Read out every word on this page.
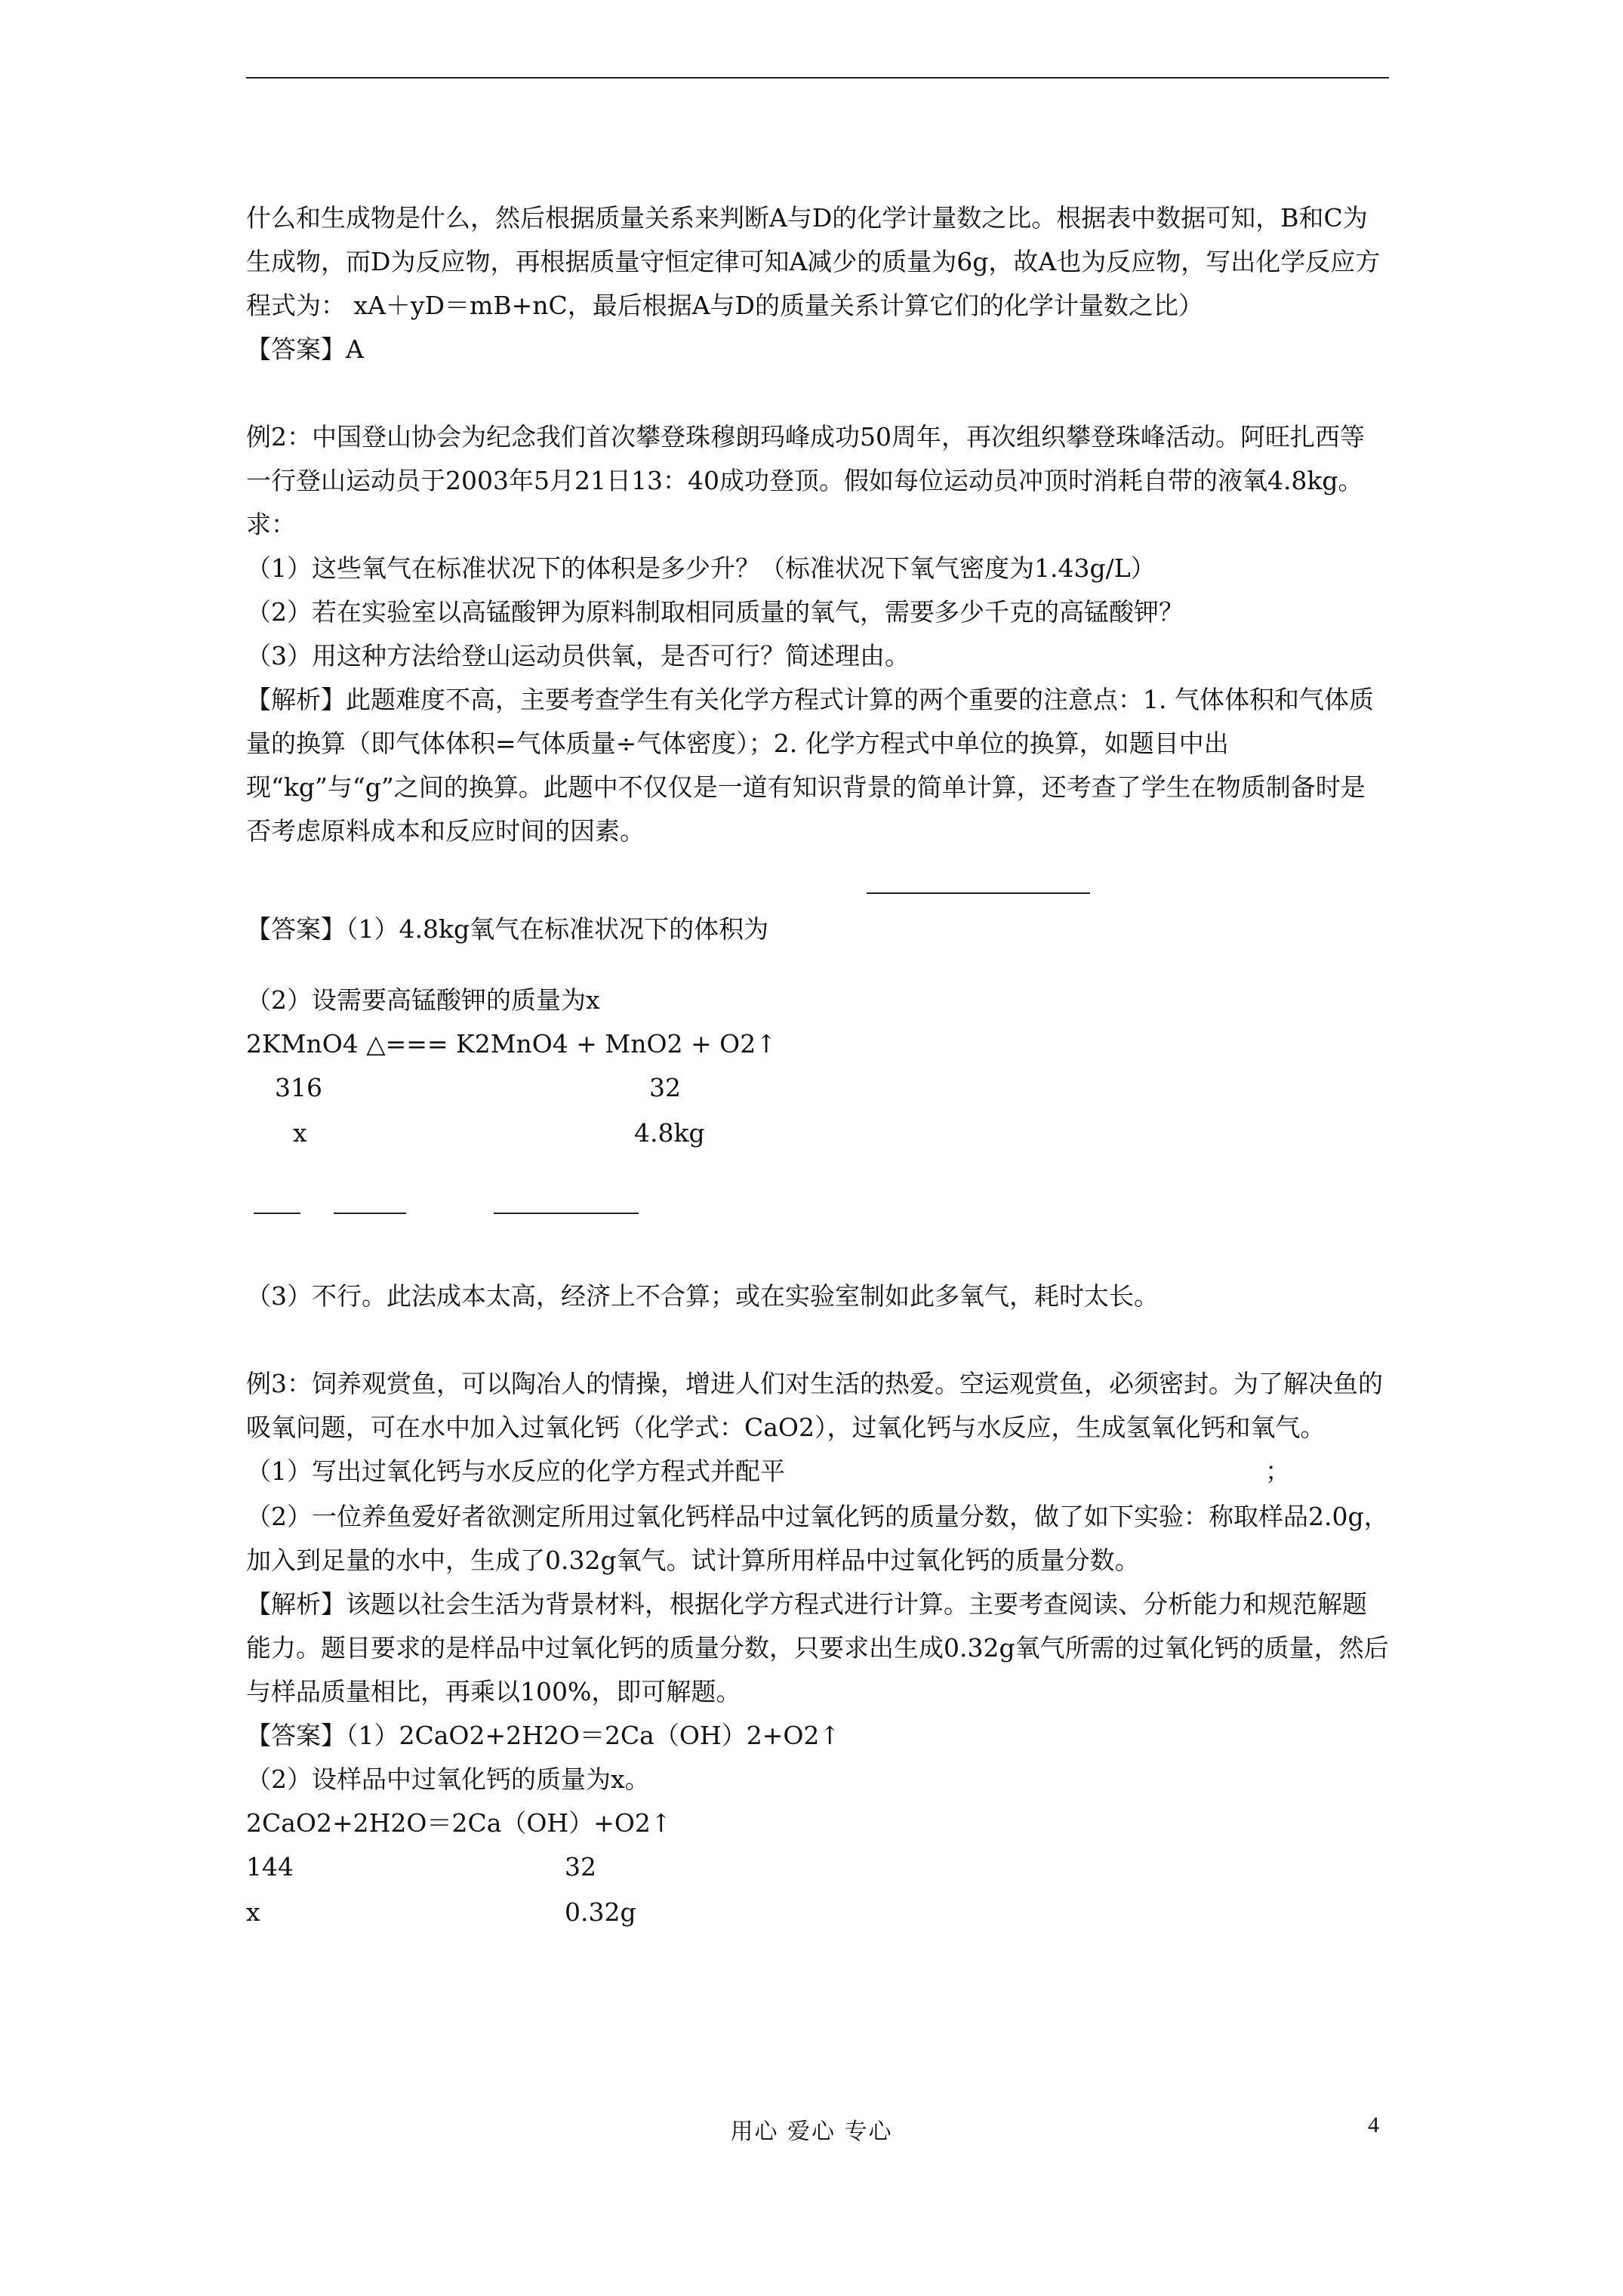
什么和生成物是什么，然后根据质量关系来判断A与D的化学计量数之比。根据表中数据可知，B和C为生成物，而D为反应物，再根据质量守恒定律可知A减少的质量为6g，故A也为反应物，写出化学反应方程式为： xA＋yD＝mB+nC，最后根据A与D的质量关系计算它们的化学计量数之比）

【答案】A

例2：中国登山协会为纪念我们首次攀登珠穆朗玛峰成功50周年，再次组织攀登珠峰活动。阿旺扎西等一行登山运动员于2003年5月21日13：40成功登顶。假如每位运动员冲顶时消耗自带的液氧4.8kg。求：

（1）这些氧气在标准状况下的体积是多少升？（标准状况下氧气密度为1.43g/L）

（2）若在实验室以高锰酸钾为原料制取相同质量的氧气，需要多少千克的高锰酸钾？

（3）用这种方法给登山运动员供氧，是否可行？简述理由。

【解析】此题难度不高，主要考查学生有关化学方程式计算的两个重要的注意点：1. 气体体积和气体质量的换算（即气体体积=气体质量÷气体密度）；2. 化学方程式中单位的换算，如题目中出现“kg”与“g”之间的换算。此题中不仅仅是一道有知识背景的简单计算，还考查了学生在物质制备时是否考虑原料成本和反应时间的因素。

【答案】（1）4.8kg氧气在标准状况下的体积为

（2）设需要高锰酸钾的质量为x

2KMnO4 △=== K2MnO4 + MnO2 + O2↑

316	32
x	4.8kg

（3）不行。此法成本太高，经济上不合算；或在实验室制如此多氧气，耗时太长。

例3：饲养观赏鱼，可以陶冶人的情操，增进人们对生活的热爱。空运观赏鱼，必须密封。为了解决鱼的吸氧问题，可在水中加入过氧化钙（化学式：CaO2），过氧化钙与水反应，生成氢氧化钙和氧气。

（1）写出过氧化钙与水反应的化学方程式并配平	；

（2）一位养鱼爱好者欲测定所用过氧化钙样品中过氧化钙的质量分数，做了如下实验：称取样品2.0g，加入到足量的水中，生成了0.32g氧气。试计算所用样品中过氧化钙的质量分数。

【解析】该题以社会生活为背景材料，根据化学方程式进行计算。主要考查阅读、分析能力和规范解题能力。题目要求的是样品中过氧化钙的质量分数，只要求出生成0.32g氧气所需的过氧化钙的质量，然后与样品质量相比，再乘以100%，即可解题。

【答案】（1）2CaO2+2H2O＝2Ca（OH）2+O2↑

（2）设样品中过氧化钙的质量为x。

2CaO2+2H2O＝2Ca（OH）+O2↑

144	32
x	0.32g
用心 爱心 专心	4
